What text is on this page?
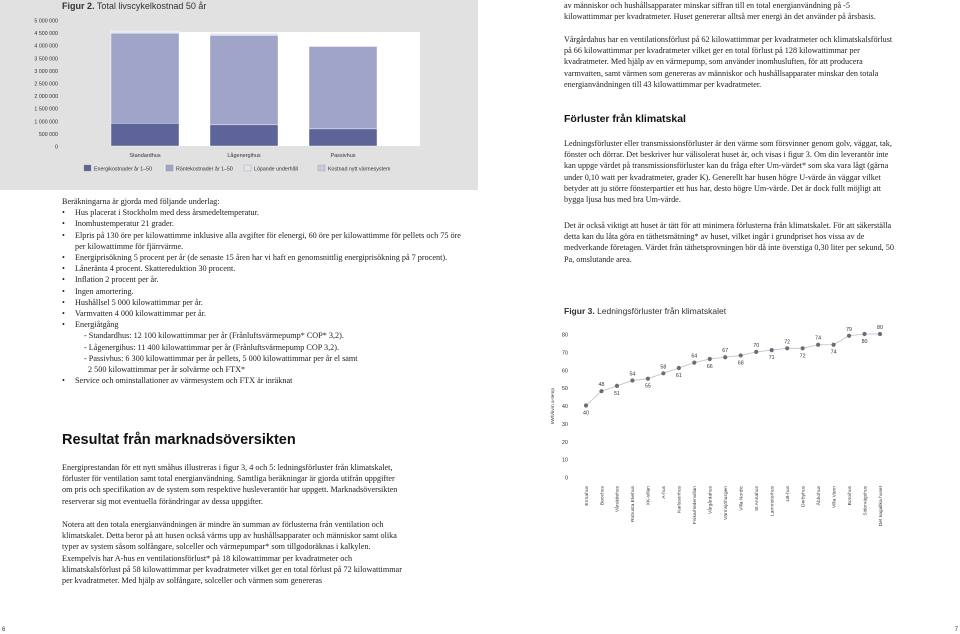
Figur 2. Total livscykelkostnad 50 år
0
500 000
1 000 000
1 500 000
2 000 000
2 500 000
3 000 000
3 500 000
4 000 000
4 500 000
5 000 000
Standardhus	Lågenergihus	Passivhus
Energikostnader år 1–50	Räntekostnader år 1–50	Löpande underhåll	Kostnad nytt värmesystem
Beräkningarna är gjorda med följande underlag:
• Hus placerat i Stockholm med dess årsmedeltemperatur.
• Inomhustemperatur 21 grader.
• Elpris på 130 öre per kilowattimme inklusive alla avgifter för elenergi, 60 öre per kilowattimme för pellets och 75 öre per kilowattimme för fjärrvärme.
• Energiprisökning 5 procent per år (de senaste 15 åren har vi haft en genomsnittlig energiprisökning på 7 procent).
• Låneränta 4 procent. Skattereduktion 30 procent.
• Inflation 2 procent per år.
• Ingen amortering.
• Hushållsel 5 000 kilowattimmar per år.
• Varmvatten 4 000 kilowattimmar per år.
• Energiåtgång
- Standardhus: 12 100 kilowattimmar per år (Frånluftsvärmepump* COP* 3,2).
- Lågenergihus: 11 400 kilowattimmar per år (Frånluftsvärmepump COP 3,2).
- Passivhus: 6 300 kilowattimmar per år pellets, 5 000 kilowattimmar per år el samt
2 500 kilowattimmar per år solvärme och FTX*
• Service och ominstallationer av värmesystem och FTX är inräknat
Resultat från marknadsöversikten

Energiprestandan för ett nytt småhus illustreras i figur 3, 4 och 5: ledningsförluster från klimatskalet, förluster för ventilation samt total energianvändning. Samtliga beräkningar är gjorda utifrån uppgifter om pris och specifikation av de system som respektive husleverantör har uppgett. Marknadsöversikten reserverar sig mot eventuella förändringar av dessa uppgifter.

Notera att den totala energianvändningen är mindre än summan av förlusterna från ventilation och klimatskalet. Detta beror på att husen också värms upp av hushållsapparater och människor samt olika typer av system såsom solfångare, solceller och värmepumpar* som tillgodoräknas i kalkylen. Exempelvis har A-hus en ventilationsförlust* på 18 kilowattimmar per kvadratmeter och klimatskalsförlust på 58 kilowattimmar per kvadratmeter vilket ger en total förlust på 72 kilowattimmar per kvadratmeter. Med hjälp av solfångare, solceller och värmen som genereras

6

av människor och hushållsapparater minskar siffran till en total energianvändning på -5 kilowattimmar per kvadratmeter. Huset genererar alltså mer energi än det använder på årsbasis.

Vårgårdahus har en ventilationsförlust på 62 kilowattimmar per kvadratmeter och klimatskalsförlust på 66 kilowattimmar per kvadratmeter vilket ger en total förlust på 128 kilowattimmar per kvadratmeter. Med hjälp av en värmepump, som använder inomhusluften, för att producera varmvatten, samt värmen som genereras av människor och hushållsapparater minskar den totala energianvändningen till 43 kilowattimmar per kvadratmeter.

Förluster från klimatskal

Ledningsförluster eller transmissionsförluster är den värme som försvinner genom golv, väggar, tak, fönster och dörrar. Det beskriver hur välisolerat huset är, och visas i figur 3. Om din leverantör inte kan uppge värdet på transmissionsförluster kan du fråga efter Um-värdet* som ska vara lågt (gärna under 0,10 watt per kvadratmeter, grader K). Generellt har husen högre U-värde än väggar vilket betyder att ju större fönsterpartier ett hus har, desto högre Um-värde. Det är dock fullt möjligt att bygga ljusa hus med bra Um-värde.

Det är också viktigt att huset är tätt för att minimera förlusterna från klimatskalet. För att säkerställa detta kan du låta göra en täthetsmätning* av huset, vilket ingår i grundpriset hos vissa av de medverkande företagen. Värdet från täthetsprovningen bör då inte överstiga 0,30 liter per sekund, 50 Pa, omslutande area.

Figur 3. Ledningsförluster från klimatskalet
0
10
20
30
40
50
60
70
80
kWh/kvm a-temp	40
48
51
54
55
58
61
64
66
67
68
70
71
72
72
74
74
79
80
80
Ermahus Beochus	Vårsättehus Robusta Ekehus XK-villan A-hus Karlssonhus Fiskarhedenvillan	Vårgårdahus Värmsjöhusgen Villa Nordic St Annahus Lammotorhus LB-hus Derbyhus	Åbbohus Villa Vänn Boroihus Sidorvägshus Det kagallka huset
7
